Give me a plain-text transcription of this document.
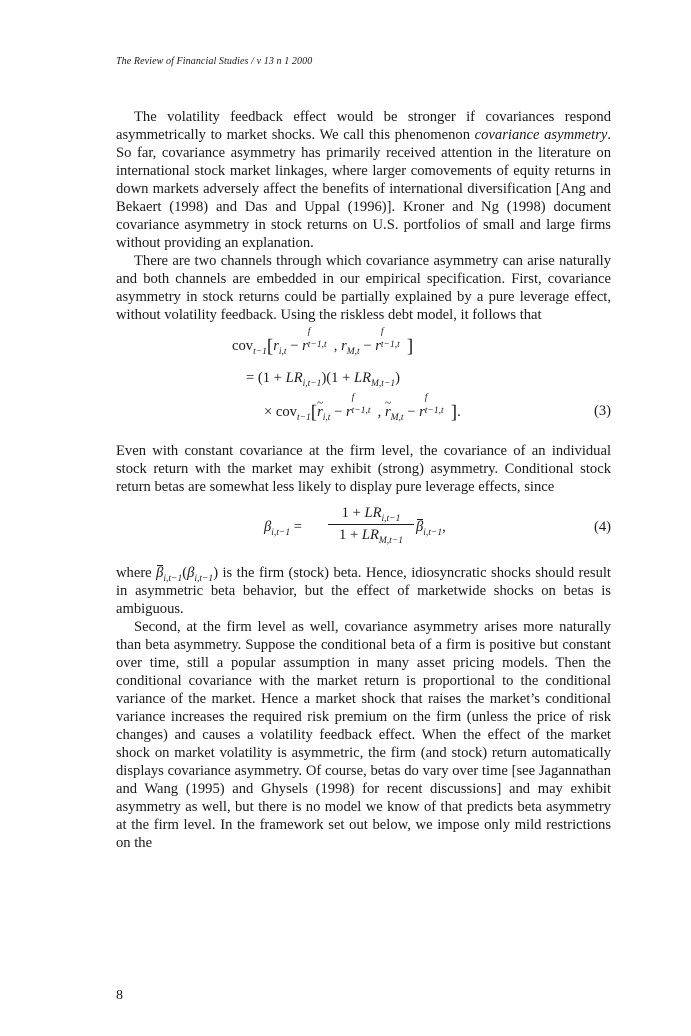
The Review of Financial Studies / v 13 n 1 2000

The volatility feedback effect would be stronger if covariances respond asymmetrically to market shocks. We call this phenomenon covariance asymmetry. So far, covariance asymmetry has primarily received attention in the literature on international stock market linkages, where larger comovements of equity returns in down markets adversely affect the benefits of international diversification [Ang and Bekaert (1998) and Das and Uppal (1996)]. Kroner and Ng (1998) document covariance asymmetry in stock returns on U.S. portfolios of small and large firms without providing an explanation.

There are two channels through which covariance asymmetry can arise naturally and both channels are embedded in our empirical specification. First, covariance asymmetry in stock returns could be partially explained by a pure leverage effect, without volatility feedback. Using the riskless debt model, it follows that

$cov_{t-1}[r_{i,t} - r$
f
t−1,t , $r_{M,t} - r$
f
t−1,t ]
= $(1 + LR_{i,t-1})(1 + LR_{M,t-1})$
× cov$_{t-1}$[~ $r_{i,t} - r$
f
t−1,t , ~ $r_{M,t} - r$
f
t−1,t ].	(3)

Even with constant covariance at the firm level, the covariance of an individual stock return with the market may exhibit (strong) asymmetry. Conditional stock return betas are somewhat less likely to display pure leverage effects, since

$\beta_{i,t-1}$ =
$1 + LR_{i,t-1}$
$1 + LR_{M,t-1}$
$\beta_{i,t-1}$,	(4)

where $\beta_{i,t-1}(\beta_{i,t-1})$ is the firm (stock) beta. Hence, idiosyncratic shocks should result in asymmetric beta behavior, but the effect of marketwide shocks on betas is ambiguous.

Second, at the firm level as well, covariance asymmetry arises more naturally than beta asymmetry. Suppose the conditional beta of a firm is positive but constant over time, still a popular assumption in many asset pricing models. Then the conditional covariance with the market return is proportional to the conditional variance of the market. Hence a market shock that raises the market’s conditional variance increases the required risk premium on the firm (unless the price of risk changes) and causes a volatility feedback effect. When the effect of the market shock on market volatility is asymmetric, the firm (and stock) return automatically displays covariance asymmetry. Of course, betas do vary over time [see Jagannathan and Wang (1995) and Ghysels (1998) for recent discussions] and may exhibit asymmetry as well, but there is no model we know of that predicts beta asymmetry at the firm level. In the framework set out below, we impose only mild restrictions on the

8
